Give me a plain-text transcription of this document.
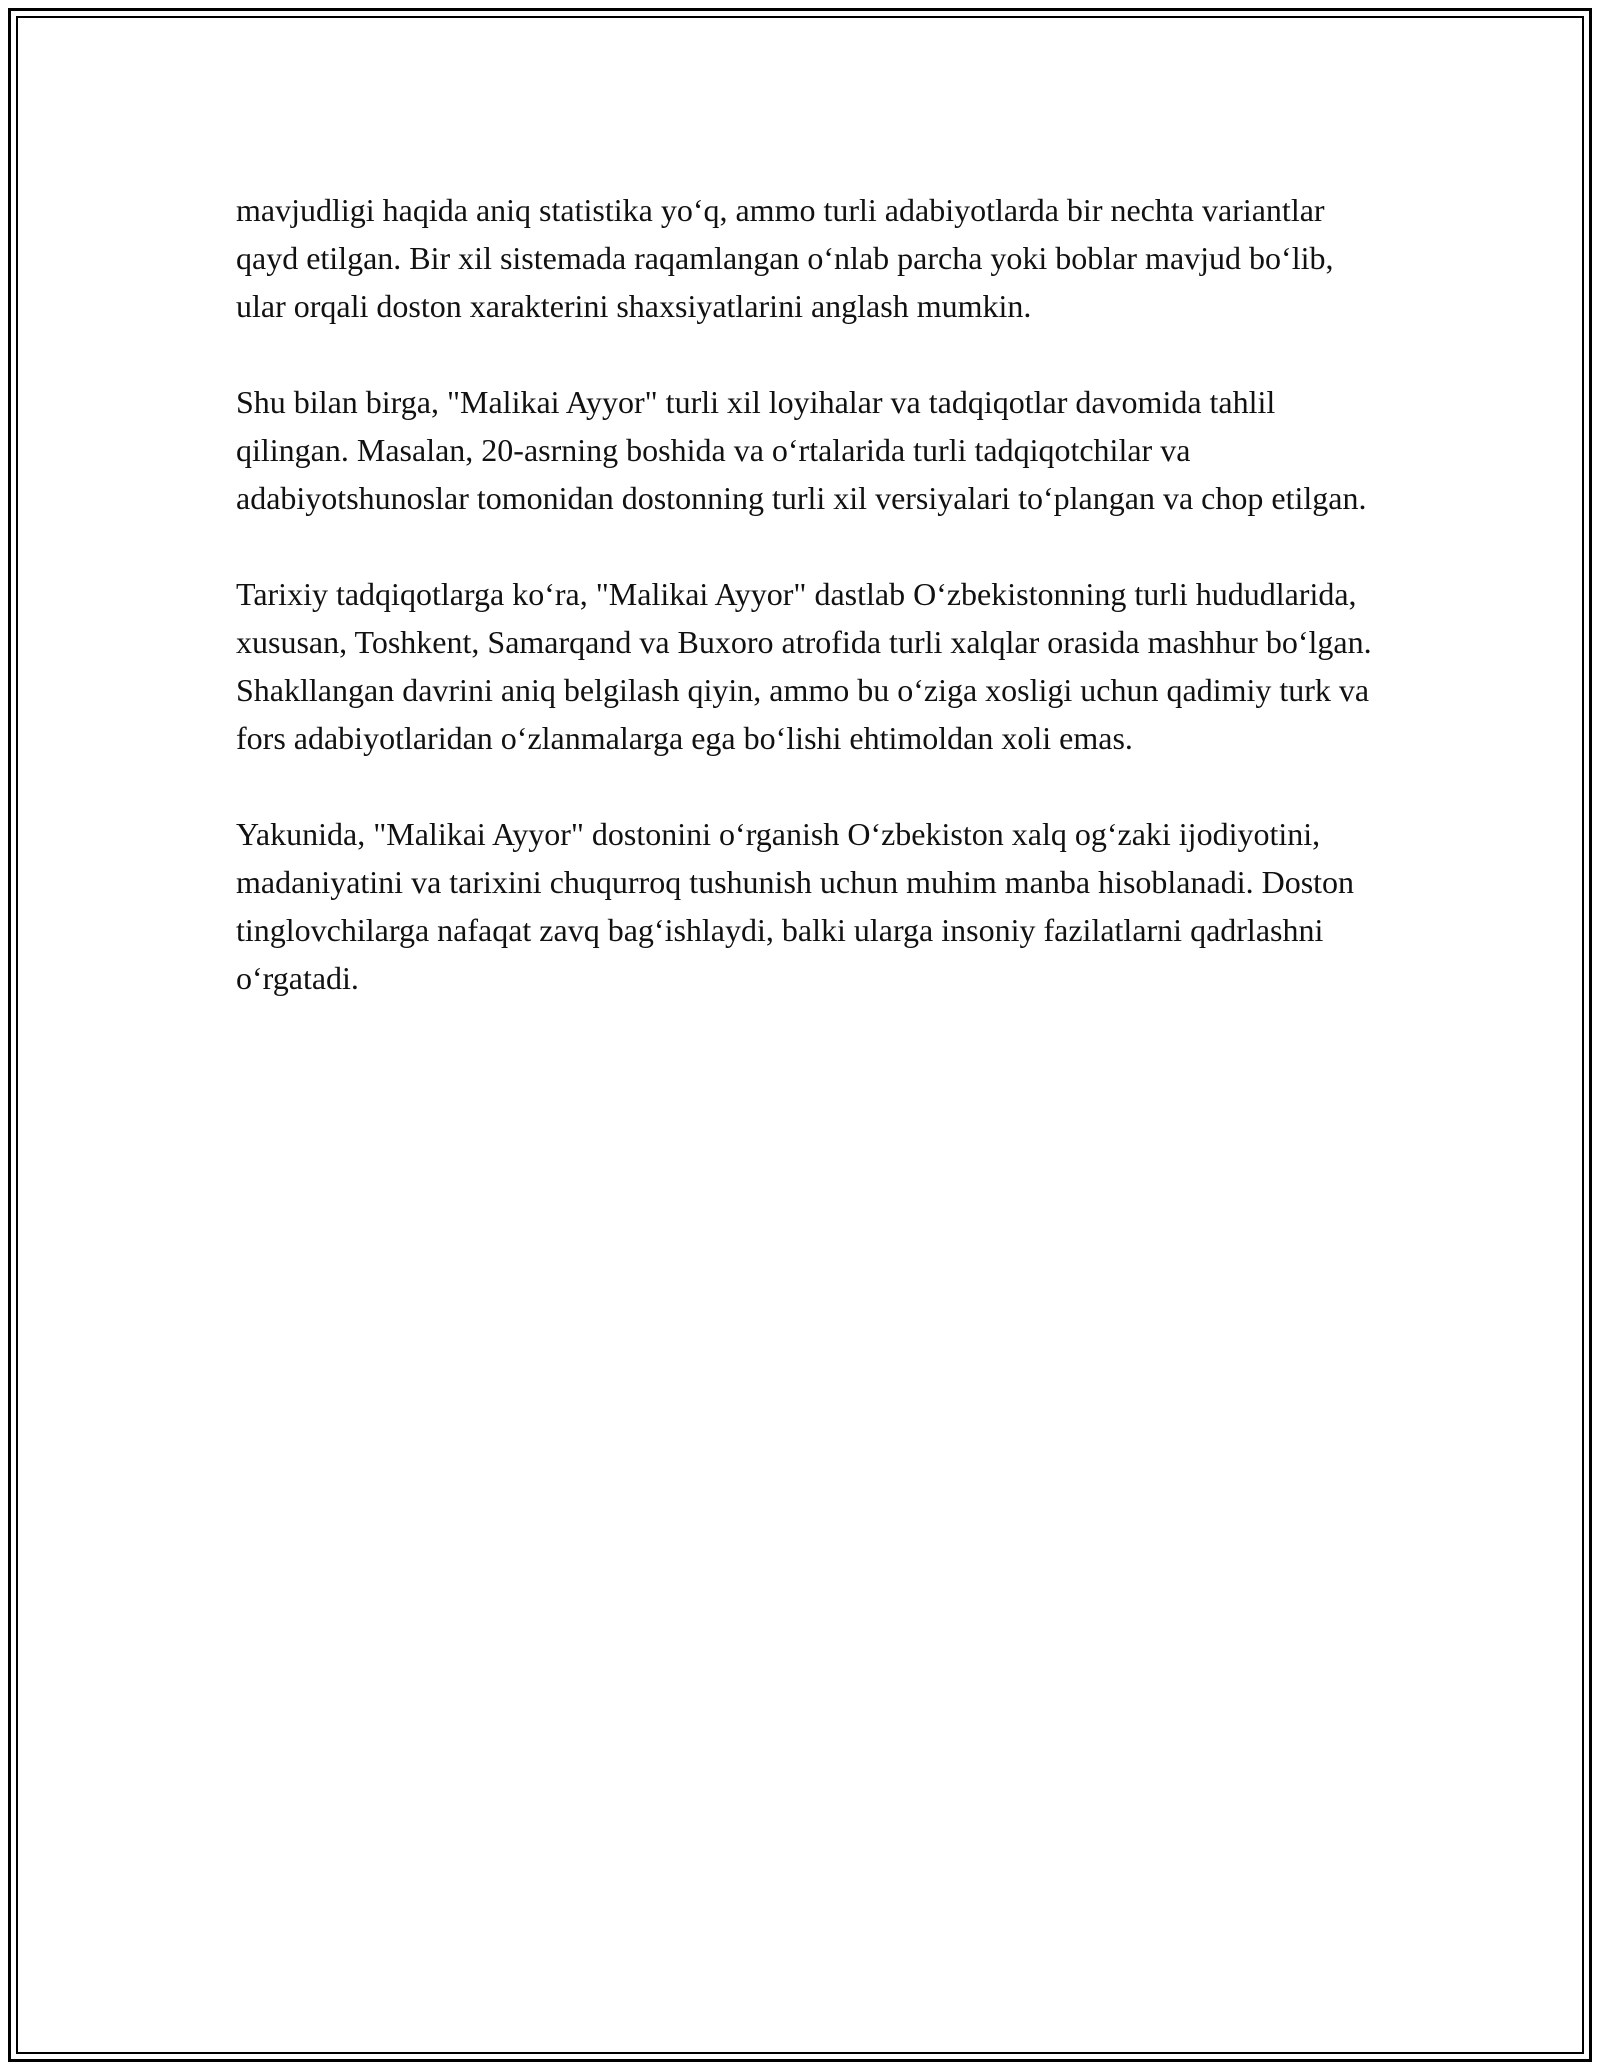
mavjudligi haqida aniq statistika yo‘q, ammo turli adabiyotlarda bir nechta variantlar qayd etilgan. Bir xil sistemada raqamlangan o‘nlab parcha yoki boblar mavjud bo‘lib, ular orqali doston xarakterini shaxsiyatlarini anglash mumkin.

Shu bilan birga, "Malikai Ayyor" turli xil loyihalar va tadqiqotlar davomida tahlil qilingan. Masalan, 20-asrning boshida va o‘rtalarida turli tadqiqotchilar va adabiyotshunoslar tomonidan dostonning turli xil versiyalari to‘plangan va chop etilgan.

Tarixiy tadqiqotlarga ko‘ra, "Malikai Ayyor" dastlab O‘zbekistonning turli hududlarida, xususan, Toshkent, Samarqand va Buxoro atrofida turli xalqlar orasida mashhur bo‘lgan. Shakllangan davrini aniq belgilash qiyin, ammo bu o‘ziga xosligi uchun qadimiy turk va fors adabiyotlaridan o‘zlanmalarga ega bo‘lishi ehtimoldan xoli emas.

Yakunida, "Malikai Ayyor" dostonini o‘rganish O‘zbekiston xalq og‘zaki ijodiyotini, madaniyatini va tarixini chuqurroq tushunish uchun muhim manba hisoblanadi. Doston tinglovchilarga nafaqat zavq bag‘ishlaydi, balki ularga insoniy fazilatlarni qadrlashni o‘rgatadi.
